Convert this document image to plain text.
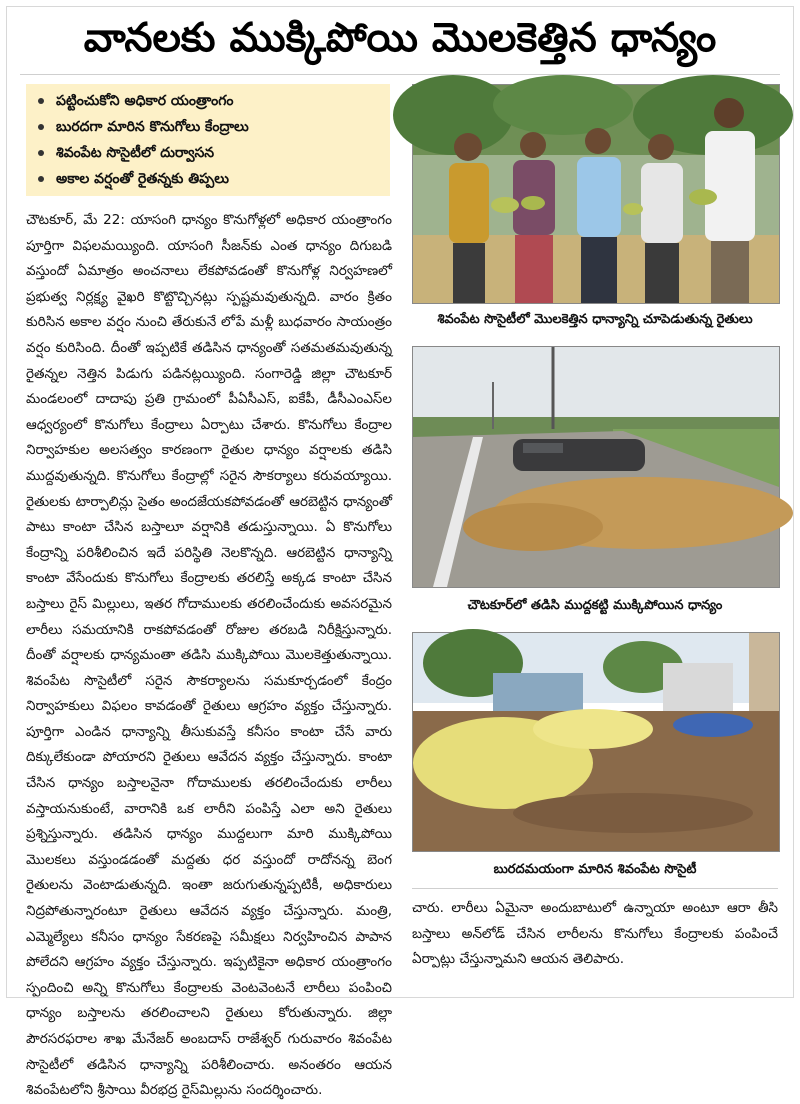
వానలకు ముక్కిపోయి మొలకెత్తిన ధాన్యం
పట్టించుకోని అధికార యంత్రాంగం
బురదగా మారిన కొనుగోలు కేంద్రాలు
శివంపేట సొసైటీలో దుర్వాసన
అకాల వర్షంతో రైతన్నకు తిప్పలు

చౌటకూర్, మే 22: యాసంగి ధాన్యం కొనుగోళ్లలో అధికార యంత్రాంగం పూర్తిగా విఫలమయ్యింది. యాసంగి సీజన్‌కు ఎంత ధాన్యం దిగుబడి వస్తుందో ఏమాత్రం అంచనాలు లేకపోవడంతో కొనుగోళ్ల నిర్వహణలో ప్రభుత్వ నిర్లక్ష్య వైఖరి కొట్టొచ్చినట్లు స్పష్టమవుతున్నది. వారం క్రితం కురిసిన అకాల వర్షం నుంచి తేరుకునే లోపే మళ్లీ బుధవారం సాయంత్రం వర్షం కురిసింది. దీంతో ఇప్పటికే తడిసిన ధాన్యంతో సతమతమవుతున్న రైతన్నల నెత్తిన పిడుగు పడినట్లయ్యింది. సంగారెడ్డి జిల్లా చౌటకూర్ మండలంలో దాదాపు ప్రతి గ్రామంలో పీఏసీఎస్, ఐకేపీ, డీసీఎంఎస్‌ల ఆధ్వర్యంలో కొనుగోలు కేంద్రాలు ఏర్పాటు చేశారు. కొనుగోలు కేంద్రాల నిర్వాహకుల అలసత్వం కారణంగా రైతుల ధాన్యం వర్షాలకు తడిసి ముద్దవుతున్నది. కొనుగోలు కేంద్రాల్లో సరైన సౌకర్యాలు కరువయ్యాయి. రైతులకు టార్పాలిన్లు సైతం అందజేయకపోవడంతో ఆరబెట్టిన ధాన్యంతో పాటు కాంటా చేసిన బస్తాలూ వర్షానికి తడుస్తున్నాయి. ఏ కొనుగోలు కేంద్రాన్ని పరిశీలించిన ఇదే పరిస్థితి నెలకొన్నది. ఆరబెట్టిన ధాన్యాన్ని కాంటా వేసేందుకు కొనుగోలు కేంద్రాలకు తరలిస్తే అక్కడ కాంటా చేసిన బస్తాలు రైస్ మిల్లులు, ఇతర గోదాములకు తరలించేందుకు అవసరమైన లారీలు సమయానికి రాకపోవడంతో రోజుల తరబడి నిరీక్షిస్తున్నారు. దీంతో వర్షాలకు ధాన్యమంతా తడిసి ముక్కిపోయి మొలకెత్తుతున్నాయి. శివంపేట సొసైటీలో సరైన సౌకర్యాలను సమకూర్చడంలో కేంద్రం నిర్వాహకులు విఫలం కావడంతో రైతులు ఆగ్రహం వ్యక్తం చేస్తున్నారు. పూర్తిగా ఎండిన ధాన్యాన్ని తీసుకువస్తే కనీసం కాంటా చేసే వారు దిక్కులేకుండా పోయారని రైతులు ఆవేదన వ్యక్తం చేస్తున్నారు. కాంటా చేసిన ధాన్యం బస్తాలనైనా గోదాములకు తరలించేందుకు లారీలు వస్తాయనుకుంటే, వారానికి ఒక లారీని పంపిస్తే ఎలా అని రైతులు ప్రశ్నిస్తున్నారు. తడిసిన ధాన్యం ముద్దలుగా మారి ముక్కిపోయి మొలకలు వస్తుండడంతో మద్దతు ధర వస్తుందో రాదోనన్న బెంగ రైతులను వెంటాడుతున్నది. ఇంతా జరుగుతున్నప్పటికీ, అధికారులు నిద్రపోతున్నారంటూ రైతులు ఆవేదన వ్యక్తం చేస్తున్నారు. మంత్రి, ఎమ్మెల్యేలు కనీసం ధాన్యం సేకరణపై సమీక్షలు నిర్వహించిన పాపాన పోలేదని ఆగ్రహం వ్యక్తం చేస్తున్నారు. ఇప్పటికైనా అధికార యంత్రాంగం స్పందించి అన్ని కొనుగోలు కేంద్రాలకు వెంటవెంటనే లారీలు పంపించి ధాన్యం బస్తాలను తరలించాలని రైతులు కోరుతున్నారు. జిల్లా పౌరసరఫరాల శాఖ మేనేజర్ అంబదాస్ రాజేశ్వర్ గురువారం శివంపేట సొసైటీలో తడిసిన ధాన్యాన్ని పరిశీలించారు. అనంతరం ఆయన శివంపేటలోని శ్రీసాయి వీరభద్ర రైస్‌మిల్లును సందర్శించారు.

శివంపేట సొసైటీలో మొలకెత్తిన ధాన్యాన్ని చూపెడుతున్న రైతులు
చౌటకూర్‌లో తడిసి ముద్దకట్టి ముక్కిపోయిన ధాన్యం
బురదమయంగా మారిన శివంపేట సొసైటీ

చారు. లారీలు ఏమైనా అందుబాటులో ఉన్నాయా అంటూ ఆరా తీసి బస్తాలు అన్‌లోడ్ చేసిన లారీలను కొనుగోలు కేంద్రాలకు పంపించే ఏర్పాట్లు చేస్తున్నామని ఆయన తెలిపారు.
